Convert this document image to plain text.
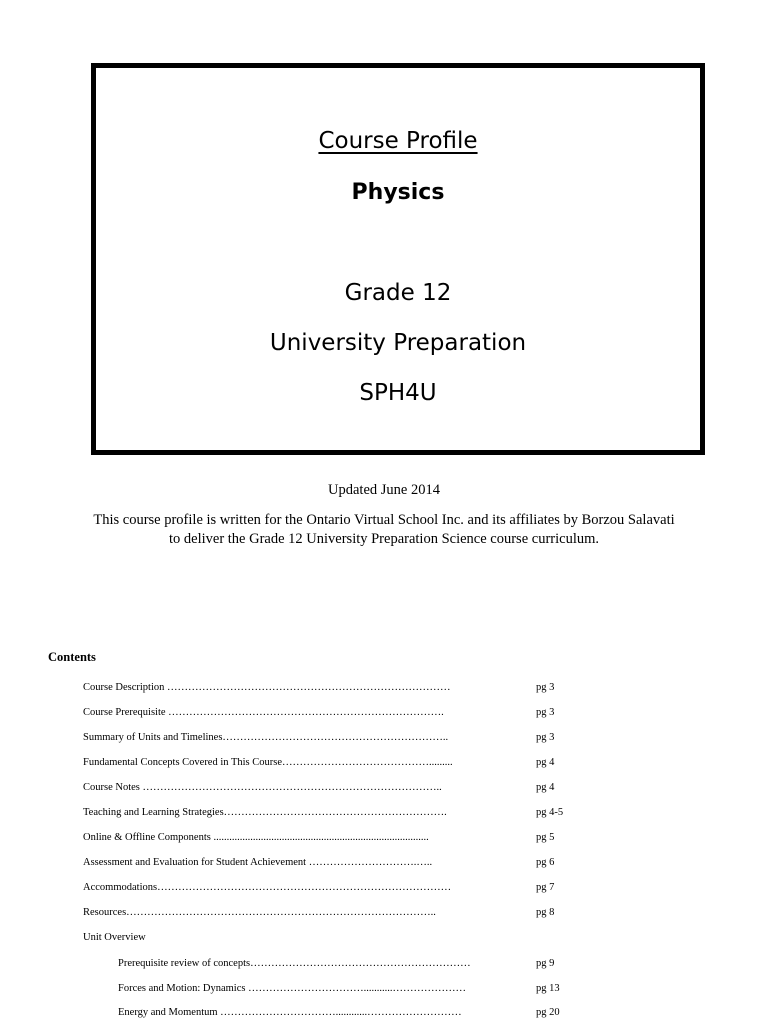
Course Profile
Physics
Grade 12
University Preparation
SPH4U
Updated June 2014
This course profile is written for the Ontario Virtual School Inc. and its affiliates by Borzou Salavati to deliver the Grade 12 University Preparation Science course curriculum.
Contents
Course Description ………………………………………………………………………	pg 3
Course Prerequisite …………………………………………………………………….	pg 3
Summary of Units and Timelines………………………………………………………..	pg 3
Fundamental Concepts Covered in This Course…………………………………….........	pg 4
Course Notes …………………………………………………………………………..	pg 4
Teaching and Learning Strategies……………………………………………………….	pg 4-5
Online & Offline Components ..................................................................................	pg 5
Assessment and Evaluation for Student Achievement ………………………….…..	pg 6
Accommodations…………………………………………………………………………	pg 7
Resources……………………………………………………………………………..	pg 8
Unit Overview
Prerequisite review of concepts………………………………………………………	pg 9
Forces and Motion: Dynamics ……………………………...........…………………	pg 13
Energy and Momentum ……………………………............………………………	pg 20
